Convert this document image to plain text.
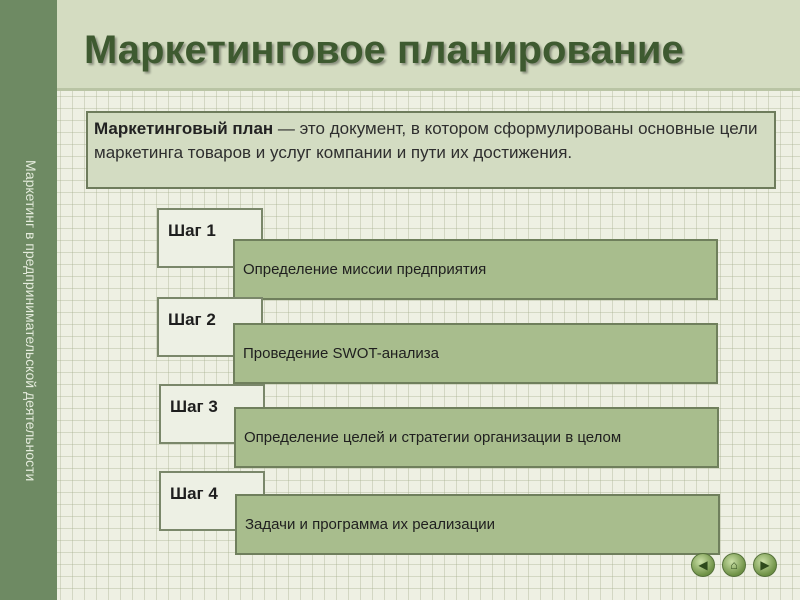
Маркетинг в предпринимательской деятельности
Маркетинговое планирование
Маркетинговый план — это документ, в котором сформулированы основные цели маркетинга товаров и услуг компании и пути их достижения.
Шаг 1
Определение миссии предприятия
Шаг 2
Проведение SWOT-анализа
Шаг 3
Определение целей и стратегии организации в целом
Шаг 4
Задачи и программа их реализации
◀ ⌂ ▶
